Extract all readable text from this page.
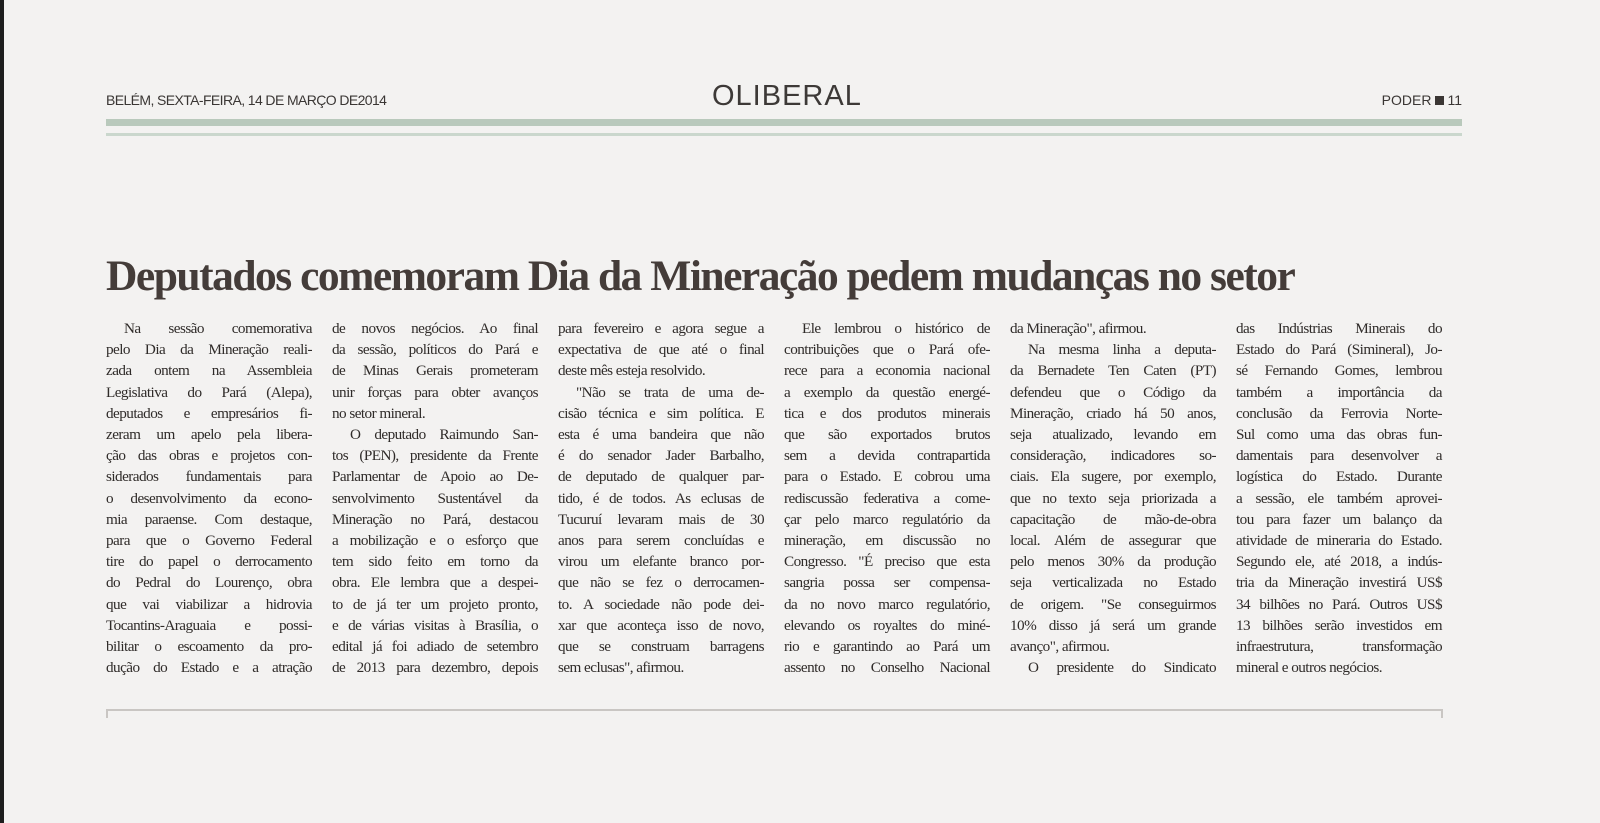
BELÉM, SEXTA-FEIRA, 14 DE MARÇO DE2014	OLIBERAL	PODER 11
Deputados comemoram Dia da Mineração pedem mudanças no setor

Na sessão comemorativa

pelo Dia da Mineração reali-

zada ontem na Assembleia

Legislativa do Pará (Alepa),

deputados e empresários fi-

zeram um apelo pela libera-

ção das obras e projetos con-

siderados fundamentais para

o desenvolvimento da econo-

mia paraense. Com destaque,

para que o Governo Federal

tire do papel o derrocamento

do Pedral do Lourenço, obra

que vai viabilizar a hidrovia

Tocantins-Araguaia e possi-

bilitar o escoamento da pro-

dução do Estado e a atração

de novos negócios. Ao final

da sessão, políticos do Pará e

de Minas Gerais prometeram

unir forças para obter avanços

no setor mineral.

O deputado Raimundo San-

tos (PEN), presidente da Frente

Parlamentar de Apoio ao De-

senvolvimento Sustentável da

Mineração no Pará, destacou

a mobilização e o esforço que

tem sido feito em torno da

obra. Ele lembra que a despei-

to de já ter um projeto pronto,

e de várias visitas à Brasília, o

edital já foi adiado de setembro

de 2013 para dezembro, depois

para fevereiro e agora segue a

expectativa de que até o final

deste mês esteja resolvido.

"Não se trata de uma de-

cisão técnica e sim política. E

esta é uma bandeira que não

é do senador Jader Barbalho,

de deputado de qualquer par-

tido, é de todos. As eclusas de

Tucuruí levaram mais de 30

anos para serem concluídas e

virou um elefante branco por-

que não se fez o derrocamen-

to. A sociedade não pode dei-

xar que aconteça isso de novo,

que se construam barragens

sem eclusas", afirmou.

Ele lembrou o histórico de

contribuições que o Pará ofe-

rece para a economia nacional

a exemplo da questão energé-

tica e dos produtos minerais

que são exportados brutos

sem a devida contrapartida

para o Estado. E cobrou uma

rediscussão federativa a come-

çar pelo marco regulatório da

mineração, em discussão no

Congresso. "É preciso que esta

sangria possa ser compensa-

da no novo marco regulatório,

elevando os royaltes do miné-

rio e garantindo ao Pará um

assento no Conselho Nacional

da Mineração", afirmou.

Na mesma linha a deputa-

da Bernadete Ten Caten (PT)

defendeu que o Código da

Mineração, criado há 50 anos,

seja atualizado, levando em

consideração, indicadores so-

ciais. Ela sugere, por exemplo,

que no texto seja priorizada a

capacitação de mão-de-obra

local. Além de assegurar que

pelo menos 30% da produção

seja verticalizada no Estado

de origem. "Se conseguirmos

10% disso já será um grande

avanço", afirmou.

O presidente do Sindicato

das Indústrias Minerais do

Estado do Pará (Simineral), Jo-

sé Fernando Gomes, lembrou

também a importância da

conclusão da Ferrovia Norte-

Sul como uma das obras fun-

damentais para desenvolver a

logística do Estado. Durante

a sessão, ele também aprovei-

tou para fazer um balanço da

atividade de mineraria do Estado.

Segundo ele, até 2018, a indús-

tria da Mineração investirá US$

34 bilhões no Pará. Outros US$

13 bilhões serão investidos em

infraestrutura, transformação

mineral e outros negócios.
